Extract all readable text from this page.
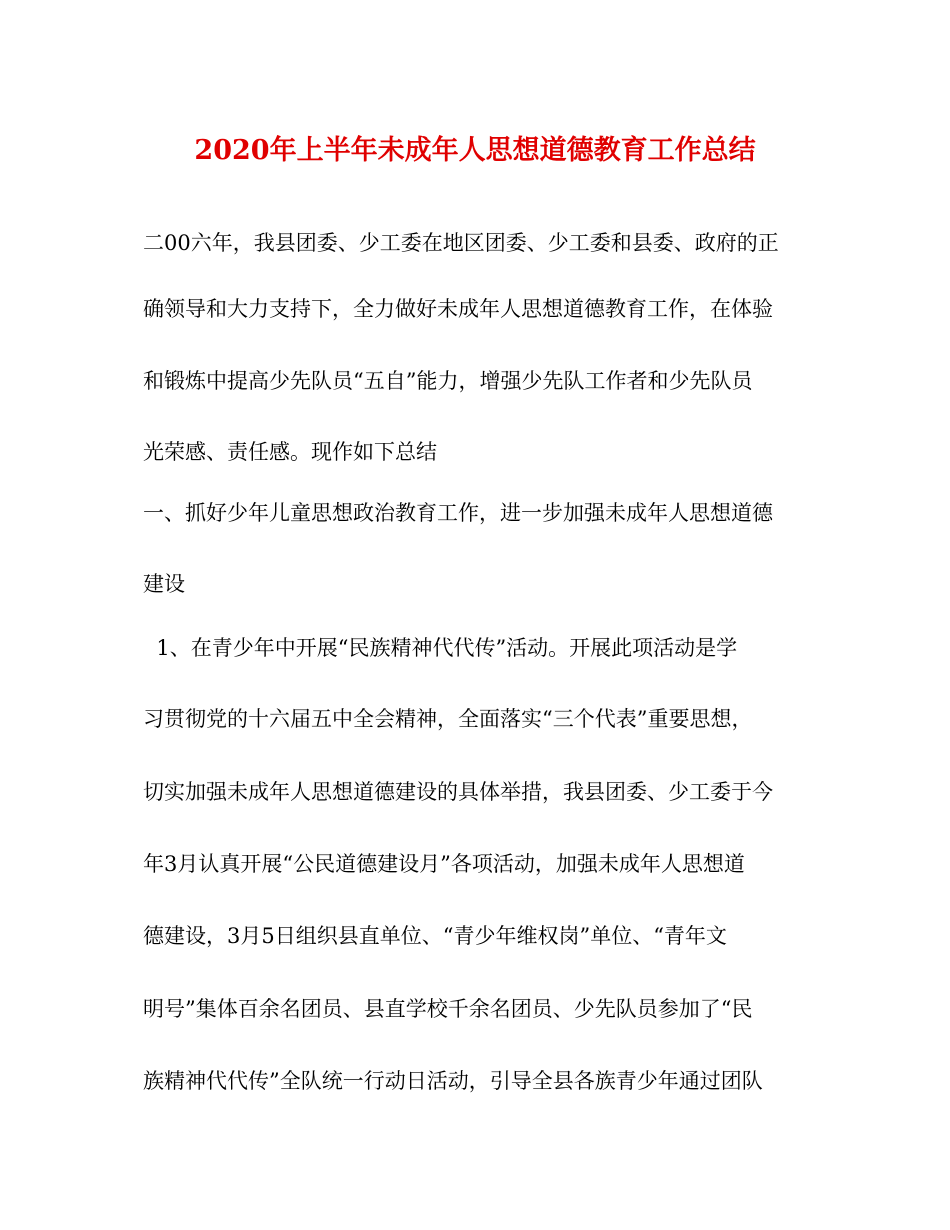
2020年上半年未成年人思想道德教育工作总结
二00六年，我县团委、少工委在地区团委、少工委和县委、政府的正
确领导和大力支持下，全力做好未成年人思想道德教育工作，在体验
和锻炼中提高少先队员“五自”能力，增强少先队工作者和少先队员
光荣感、责任感。现作如下总结
一、抓好少年儿童思想政治教育工作，进一步加强未成年人思想道德
建设
1、在青少年中开展“民族精神代代传”活动。开展此项活动是学
习贯彻党的十六届五中全会精神，全面落实“三个代表”重要思想，
切实加强未成年人思想道德建设的具体举措，我县团委、少工委于今
年3月认真开展“公民道德建设月”各项活动，加强未成年人思想道
德建设，3月5日组织县直单位、“青少年维权岗”单位、“青年文
明号”集体百余名团员、县直学校千余名团员、少先队员参加了“民
族精神代代传”全队统一行动日活动，引导全县各族青少年通过团队
